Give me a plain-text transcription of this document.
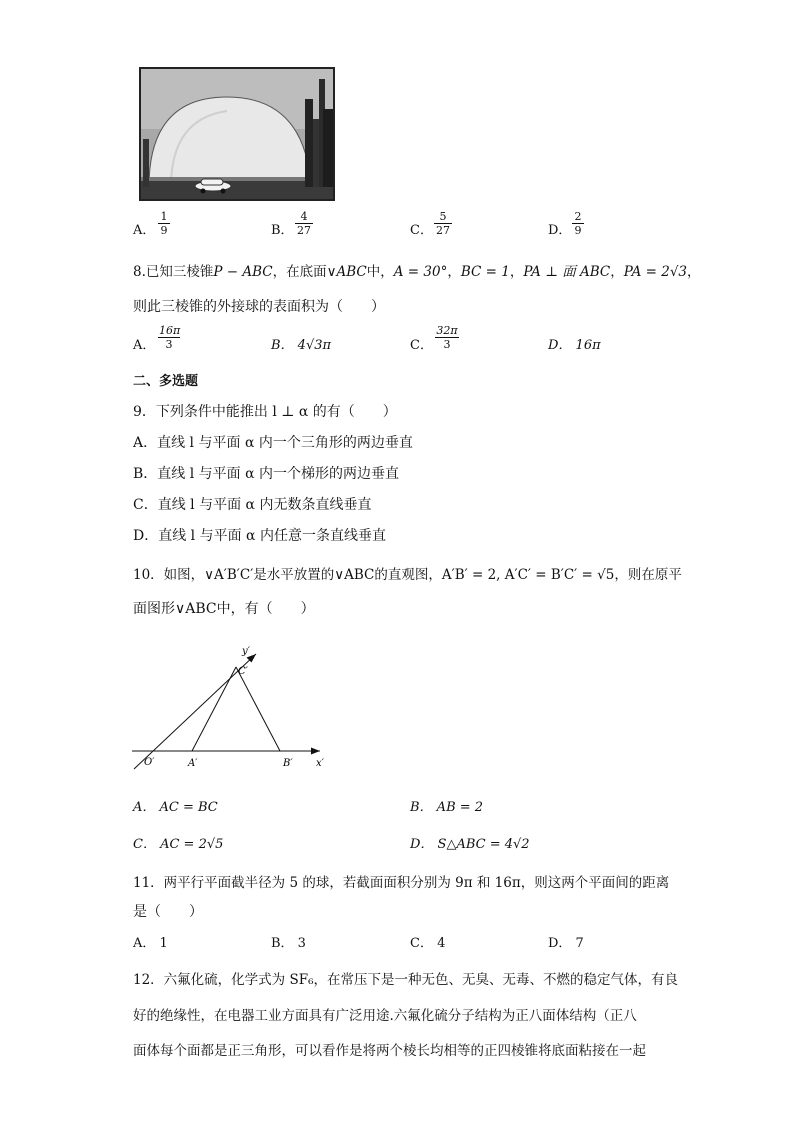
A． $\frac{1}{9}$	B． $\frac{4}{27}$	C． $\frac{5}{27}$	D． $\frac{2}{9}$
8.已知三棱锥P − ABC，在底面∨ABC中，A = 30°，BC = 1，PA ⊥ 面 ABC，PA = 2√3，
则此三棱锥的外接球的表面积为（　　）
A． $\frac{16\pi}{3}$	B． 4√3π	C． $\frac{32\pi}{3}$	D． 16π
二、多选题
9．下列条件中能推出 l ⊥ α 的有（　　）
A．直线 l 与平面 α 内一个三角形的两边垂直
B．直线 l 与平面 α 内一个梯形的两边垂直
C．直线 l 与平面 α 内无数条直线垂直
D．直线 l 与平面 α 内任意一条直线垂直
10．如图，∨A′B′C′是水平放置的∨ABC的直观图，A′B′ = 2, A′C′ = B′C′ = √5，则在原平
面图形∨ABC中，有（　　）
y′
C′
O′	A′	B′ x′
A． AC = BC	B． AB = 2
C． AC = 2√5	D． S△ABC = 4√2
11．两平行平面截半径为 5 的球，若截面面积分别为 9π 和 16π，则这两个平面间的距离
是（　　）
A． 1	B． 3	C． 4	D． 7
12．六氟化硫，化学式为 SF₆，在常压下是一种无色、无臭、无毒、不燃的稳定气体，有良
好的绝缘性，在电器工业方面具有广泛用途.六氟化硫分子结构为正八面体结构（正八
面体每个面都是正三角形，可以看作是将两个棱长均相等的正四棱锥将底面粘接在一起
